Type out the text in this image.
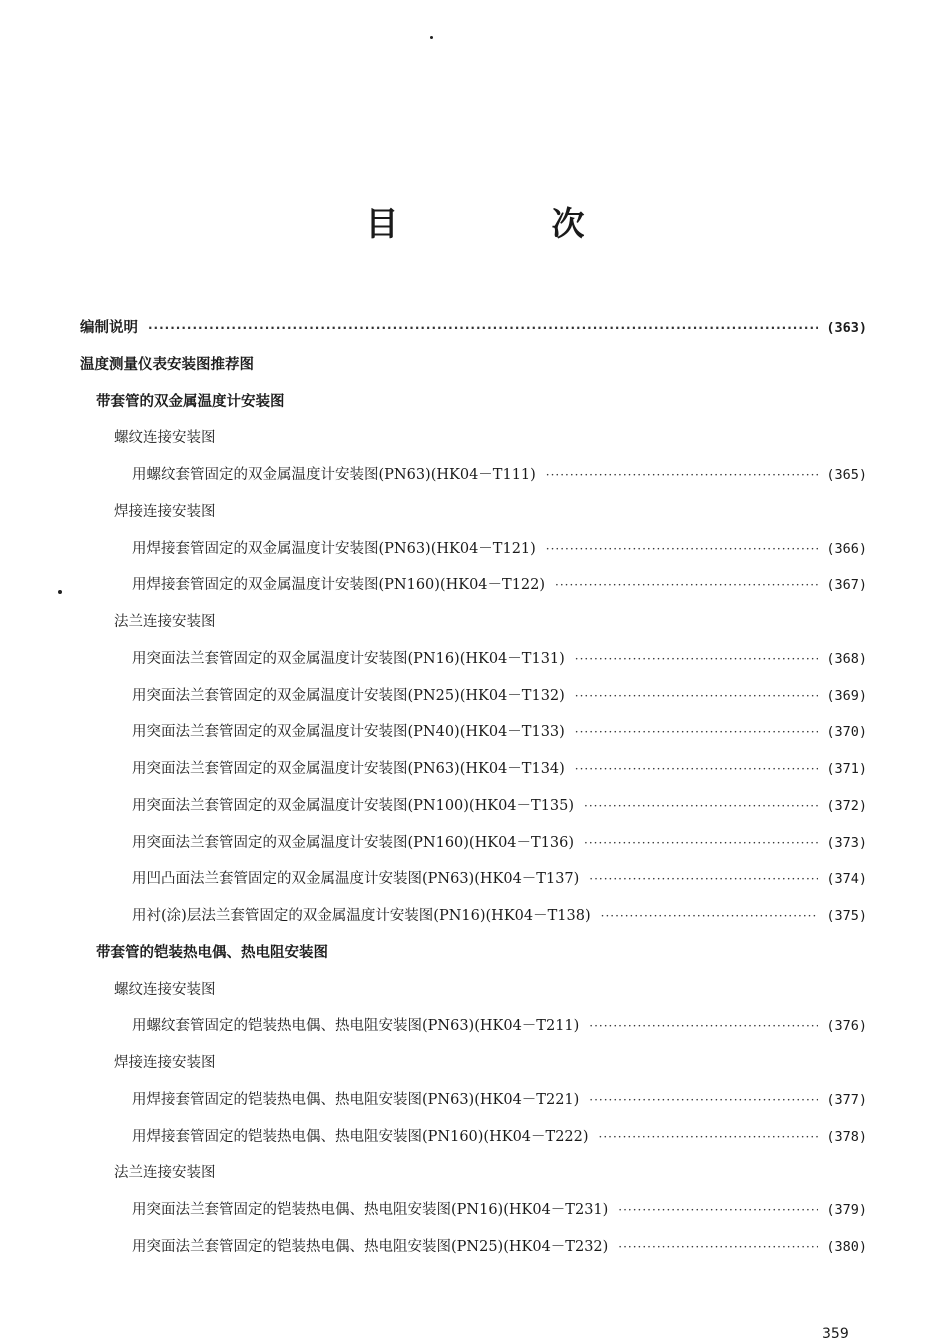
目　次
编制说明 ·····	(363)
温度测量仪表安装图推荐图
带套管的双金属温度计安装图
螺纹连接安装图
用螺纹套管固定的双金属温度计安装图(PN63)(HK04－T111) ·····	(365)
焊接连接安装图
用焊接套管固定的双金属温度计安装图(PN63)(HK04－T121) ·····	(366)
用焊接套管固定的双金属温度计安装图(PN160)(HK04－T122) ·····	(367)
法兰连接安装图
用突面法兰套管固定的双金属温度计安装图(PN16)(HK04－T131) ·····	(368)
用突面法兰套管固定的双金属温度计安装图(PN25)(HK04－T132) ·····	(369)
用突面法兰套管固定的双金属温度计安装图(PN40)(HK04－T133) ·····	(370)
用突面法兰套管固定的双金属温度计安装图(PN63)(HK04－T134) ·····	(371)
用突面法兰套管固定的双金属温度计安装图(PN100)(HK04－T135) ·····	(372)
用突面法兰套管固定的双金属温度计安装图(PN160)(HK04－T136) ·····	(373)
用凹凸面法兰套管固定的双金属温度计安装图(PN63)(HK04－T137) ·····	(374)
用衬(涂)层法兰套管固定的双金属温度计安装图(PN16)(HK04－T138) ·····	(375)
带套管的铠装热电偶、热电阻安装图
螺纹连接安装图
用螺纹套管固定的铠装热电偶、热电阻安装图(PN63)(HK04－T211) ·····	(376)
焊接连接安装图
用焊接套管固定的铠装热电偶、热电阻安装图(PN63)(HK04－T221) ·····	(377)
用焊接套管固定的铠装热电偶、热电阻安装图(PN160)(HK04－T222) ·····	(378)
法兰连接安装图
用突面法兰套管固定的铠装热电偶、热电阻安装图(PN16)(HK04－T231) ·····	(379)
用突面法兰套管固定的铠装热电偶、热电阻安装图(PN25)(HK04－T232) ·····	(380)
359
